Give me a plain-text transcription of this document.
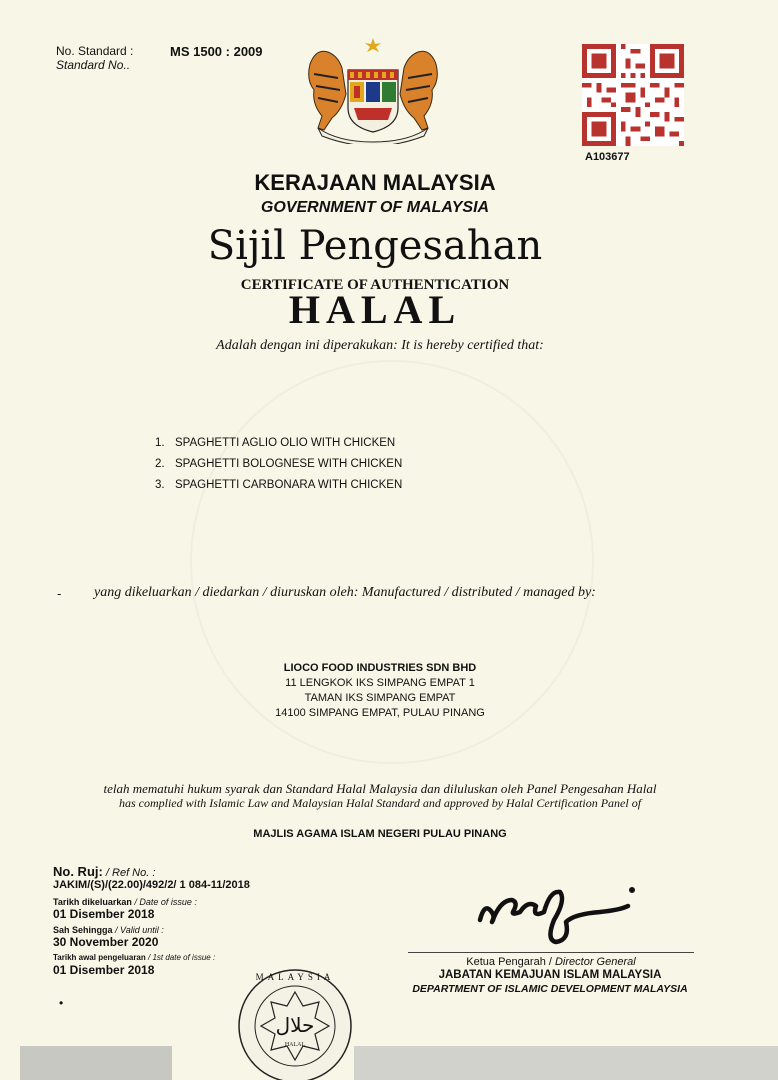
No. Standard :
Standard No..
MS 1500 : 2009
A103677
KERAJAAN MALAYSIA
GOVERNMENT OF MALAYSIA
Sijil Pengesahan
CERTIFICATE OF AUTHENTICATION
HALAL
Adalah dengan ini diperakukan: It is hereby certified that:
1. SPAGHETTI AGLIO OLIO WITH CHICKEN
2. SPAGHETTI BOLOGNESE WITH CHICKEN
3. SPAGHETTI CARBONARA WITH CHICKEN
- yang dikeluarkan / diedarkan / diuruskan oleh: Manufactured / distributed / managed by:
LIOCO FOOD INDUSTRIES SDN BHD
11 LENGKOK IKS SIMPANG EMPAT 1
TAMAN IKS SIMPANG EMPAT
14100 SIMPANG EMPAT, PULAU PINANG
telah mematuhi hukum syarak dan Standard Halal Malaysia dan diluluskan oleh Panel Pengesahan Halal
has complied with Islamic Law and Malaysian Halal Standard and approved by Halal Certification Panel of
MAJLIS AGAMA ISLAM NEGERI PULAU PINANG
No. Ruj: / Ref No. :
JAKIM/(S)/(22.00)/492/2/ 1 084-11/2018
Tarikh dikeluarkan / Date of issue :
01 Disember 2018
Sah Sehingga / Valid until :
30 November 2020
Tarikh awal pengeluaran / 1st date of issue :
01 Disember 2018
Ketua Pengarah / Director General
JABATAN KEMAJUAN ISLAM MALAYSIA
DEPARTMENT OF ISLAMIC DEVELOPMENT MALAYSIA
•
حلال
HALAL
MALAYSIA
